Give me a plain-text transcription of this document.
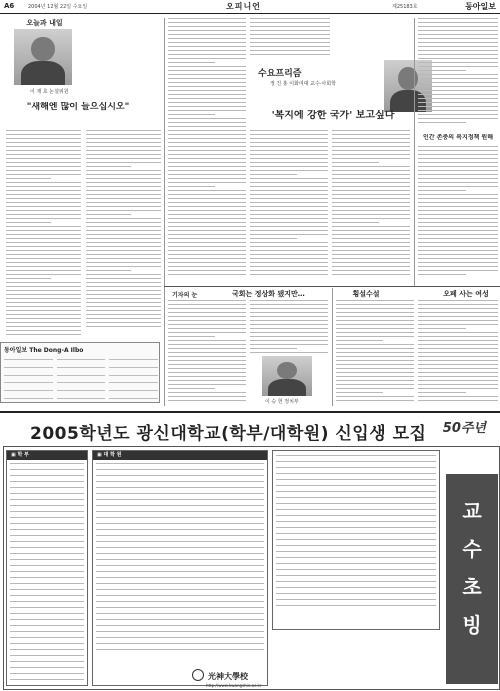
A6	2004년 12월 22일 수요일	오피니언	제25183호	동아일보
오늘과 내일
이 재 호 논설위원
"새해엔 많이 들으십시오"
수요프리즘
정 진 홍 이화여대 교수·사회학
'복지에 강한 국가' 보고싶다
인간 존중의 복지정책 원해
기자의 눈	국회는 정상화 됐지만…	횡설수설	오페 사는 여성
이 승 헌 정치부
동아일보 The Dong-A Ilbo
2005학년도 광신대학교(학부/대학원) 신입생 모집 50주년
▣ 학 부	▣ 대 학 원
光神大學校
http://www.kwangshin.ac.kr
교
수
초
빙
